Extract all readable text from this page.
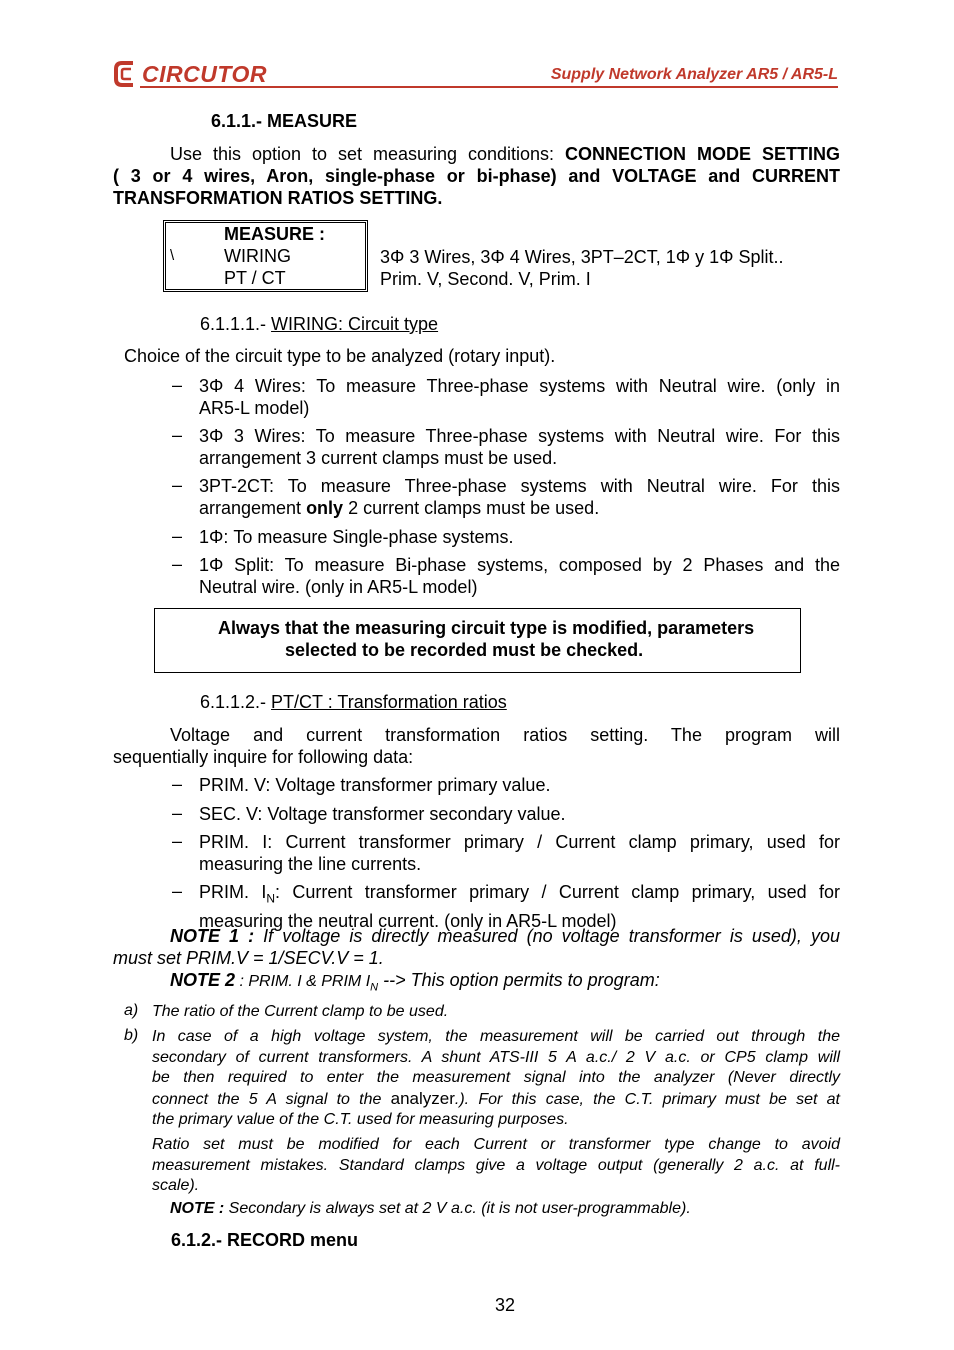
CIRCUTOR	Supply Network Analyzer AR5 / AR5-L
6.1.1.- MEASURE
Use this option to set measuring conditions: CONNECTION MODE SETTING
( 3 or 4 wires, Aron, single-phase or bi-phase) and VOLTAGE and CURRENT
TRANSFORMATION RATIOS SETTING.
MEASURE :
\	WIRING
PT / CT
3Φ 3 Wires, 3Φ 4 Wires, 3PT–2CT, 1Φ y 1Φ Split..
Prim. V, Second. V, Prim. I
6.1.1.1.- WIRING: Circuit type
Choice of the circuit type to be analyzed (rotary input).
– 3Φ 4 Wires: To measure Three-phase systems with Neutral wire. (only in
AR5-L model)
– 3Φ 3 Wires: To measure Three-phase systems with Neutral wire. For this
arrangement 3 current clamps must be used.
– 3PT-2CT: To measure Three-phase systems with Neutral wire. For this
arrangement only 2 current clamps must be used.
– 1Φ: To measure Single-phase systems.
– 1Φ Split: To measure Bi-phase systems, composed by 2 Phases and the
Neutral wire. (only in AR5-L model)
Always that the measuring circuit type is modified, parameters
selected to be recorded must be checked.
6.1.1.2.- PT/CT : Transformation ratios
Voltage and current transformation ratios setting. The program will
sequentially inquire for following data:
– PRIM. V: Voltage transformer primary value.
– SEC. V: Voltage transformer secondary value.
– PRIM. I: Current transformer primary / Current clamp primary, used for
measuring the line currents.
– PRIM. $I_N$: Current transformer primary / Current clamp primary, used for
measuring the neutral current. (only in AR5-L model)
NOTE 1 : If voltage is directly measured (no voltage transformer is used), you
must set PRIM.V = 1/SECV.V = 1.
NOTE 2 : PRIM. I & PRIM $I_N$ --> This option permits to program:
a) The ratio of the Current clamp to be used.
b) In case of a high voltage system, the measurement will be carried out through the
secondary of current transformers. A shunt ATS-III 5 A a.c./ 2 V a.c. or CP5 clamp will
be then required to enter the measurement signal into the analyzer (Never directly
connect the 5 A signal to the analyzer.). For this case, the C.T. primary must be set at
the primary value of the C.T. used for measuring purposes.
Ratio set must be modified for each Current or transformer type change to avoid
measurement mistakes. Standard clamps give a voltage output (generally 2 a.c. at full-
scale).
NOTE : Secondary is always set at 2 V a.c. (it is not user-programmable).
6.1.2.- RECORD menu
32
